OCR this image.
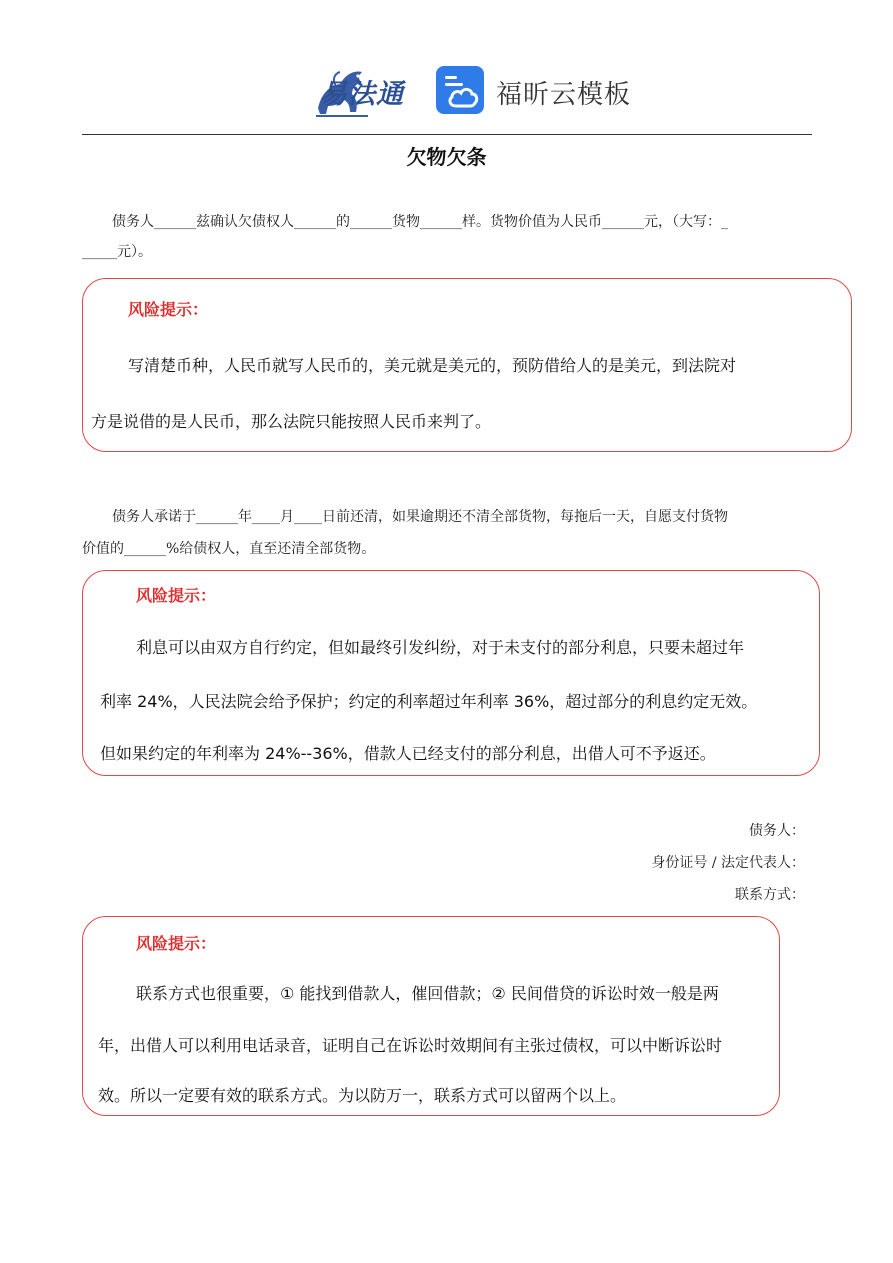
易法通	福昕云模板
欠物欠条
债务人______兹确认欠债权人______的______货物______样。货物价值为人民币______元，（大写：_
_____元）。
风险提示：
写清楚币种，人民币就写人民币的，美元就是美元的，预防借给人的是美元，到法院对
方是说借的是人民币，那么法院只能按照人民币来判了。
债务人承诺于______年____月____日前还清，如果逾期还不清全部货物，每拖后一天，自愿支付货物
价值的______%给债权人，直至还清全部货物。
风险提示：
利息可以由双方自行约定，但如最终引发纠纷，对于未支付的部分利息，只要未超过年
利率 24%，人民法院会给予保护；约定的利率超过年利率 36%，超过部分的利息约定无效。
但如果约定的年利率为 24%--36%，借款人已经支付的部分利息，出借人可不予返还。
债务人：
身份证号 / 法定代表人：
联系方式：
风险提示：
联系方式也很重要，① 能找到借款人，催回借款；② 民间借贷的诉讼时效一般是两
年，出借人可以利用电话录音，证明自己在诉讼时效期间有主张过债权，可以中断诉讼时
效。所以一定要有效的联系方式。为以防万一，联系方式可以留两个以上。
